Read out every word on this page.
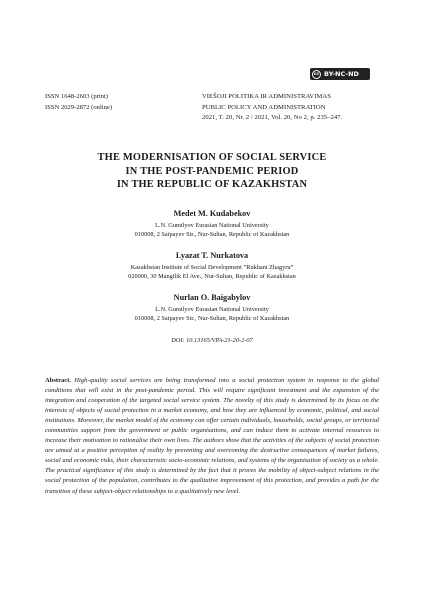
cc BY-NC-ND
ISSN 1648-2603 (print)
ISSN 2029-2872 (online)
VIEŠOJI POLITIKA IR ADMINISTRAVIMAS
PUBLIC POLICY AND ADMINISTRATION
2021, T. 20, Nr. 2 / 2021, Vol. 20, No 2, p. 235–247.
THE MODERNISATION OF SOCIAL SERVICE
IN THE POST-PANDEMIC PERIOD
IN THE REPUBLIC OF KAZAKHSTAN
Medet M. Kudabekov
L.N. Gumilyov Eurasian National University
010008, 2 Satpayev Str., Nur-Sultan, Republic of Kazakhstan
Lyazat T. Nurkatova
Kazakhstan Institute of Social Development “Rukhani Zhagyru”
020000, 30 Mangilik El Ave., Nur-Sultan, Republic of Kazakhstan
Nurlan O. Baigabylov
L.N. Gumilyov Eurasian National University
010008, 2 Satpayev Str., Nur-Sultan, Republic of Kazakhstan
DOI: 10.13165/VPA-21-20-2-07
Abstract. High-quality social services are being transformed into a social protection system in response to the global conditions that will exist in the post-pandemic period. This will require significant investment and the expansion of the integration and cooperation of the targeted social service system. The novelty of this study is determined by its focus on the interests of objects of social protection in a market economy, and how they are influenced by economic, political, and social institutions. Moreover, the market model of the economy can offer certain individuals, households, social groups, or territorial communities support from the government or public organisations, and can induce them to activate internal resources to increase their motivation to rationalise their own lives. The authors show that the activities of the subjects of social protection are aimed at a positive perception of reality by preventing and overcoming the destructive consequences of market failures, social and economic risks, their characteristic socio-economic relations, and systems of the organisation of society as a whole. The practical significance of this study is determined by the fact that it proves the mobility of object-subject relations in the social protection of the population, contributes to the qualitative improvement of this protection, and provides a path for the transition of these subject-object relationships to a qualitatively new level.
